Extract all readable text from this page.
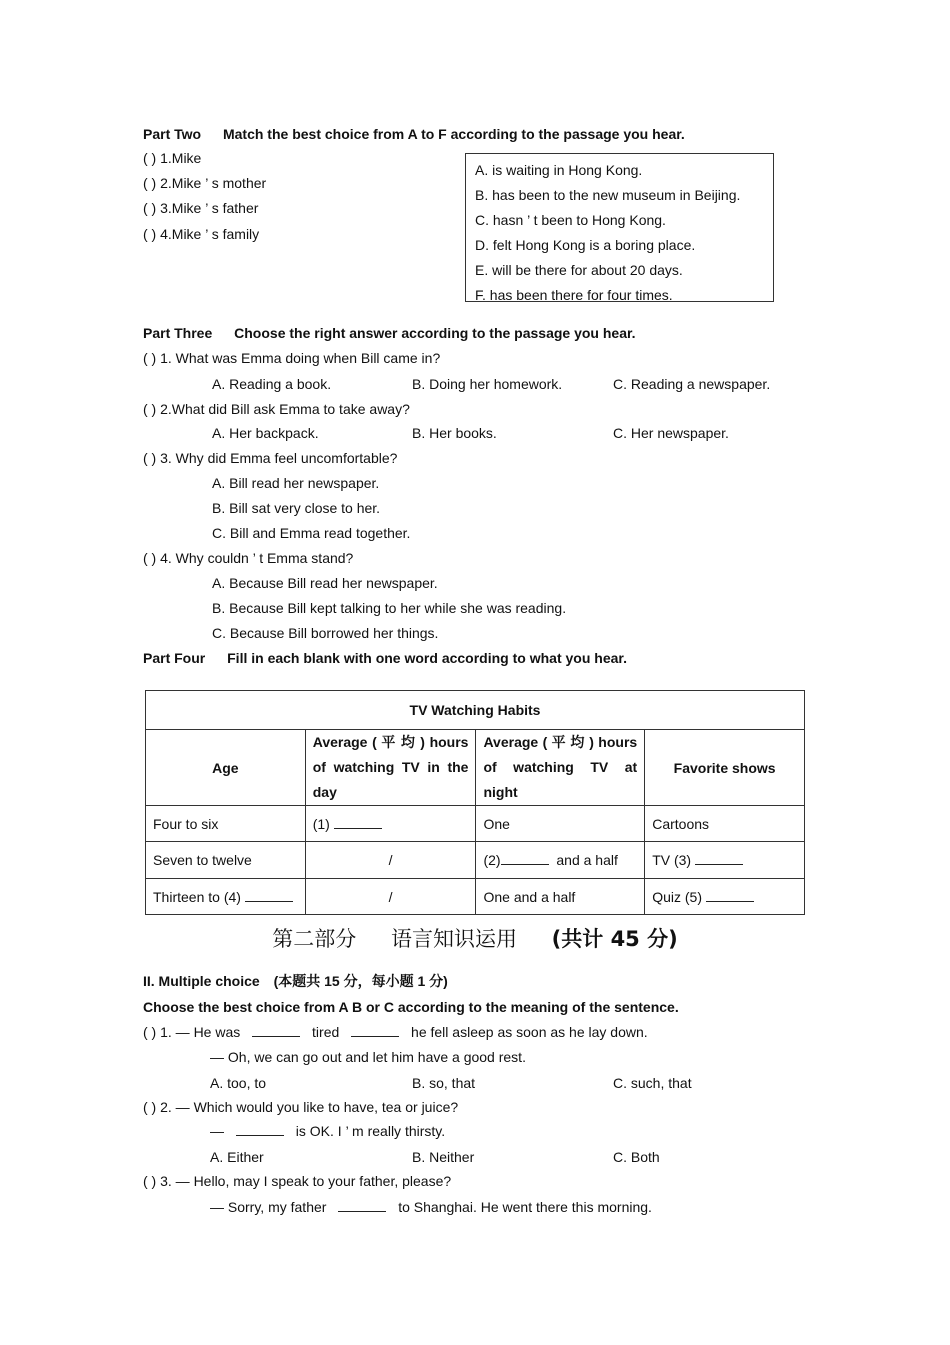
Part Two Match the best choice from A to F according to the passage you hear.
( ) 1.Mike
( ) 2.Mike ’ s mother
( ) 3.Mike ’ s father
( ) 4.Mike ’ s family
A. is waiting in Hong Kong.
B. has been to the new museum in Beijing.
C. hasn ’ t been to Hong Kong.
D. felt Hong Kong is a boring place.
E. will be there for about 20 days.
F. has been there for four times.
Part Three Choose the right answer according to the passage you hear.
( ) 1. What was Emma doing when Bill came in?
A. Reading a book.	B. Doing her homework.	C. Reading a newspaper.
( ) 2.What did Bill ask Emma to take away?
A. Her backpack.	B. Her books.	C. Her newspaper.
( ) 3. Why did Emma feel uncomfortable?
A. Bill read her newspaper.
B. Bill sat very close to her.
C. Bill and Emma read together.
( ) 4. Why couldn ’ t Emma stand?
A. Because Bill read her newspaper.
B. Because Bill kept talking to her while she was reading.
C. Because Bill borrowed her things.
Part Four Fill in each blank with one word according to what you hear.
TV Watching Habits			
Age	Average ( 平 均 ) hours of watching TV in the day	Average ( 平 均 ) hours of watching TV at night	Favorite shows
Four to six	(1)	One	Cartoons
Seven to twelve	/	(2) and a half	TV (3)
Thirteen to (4)	/	One and a half	Quiz (5)
第二部分 语言知识运用 (共计 45 分)
II. Multiple choice (本题共 15 分，每小题 1 分)
Choose the best choice from A B or C according to the meaning of the sentence.
( ) 1. — He was	tired	he fell asleep as soon as he lay down.
— Oh, we can go out and let him have a good rest.
A. too, to	B. so, that	C. such, that
( ) 2. — Which would you like to have, tea or juice?
—	is OK. I ’ m really thirsty.
A. Either	B. Neither	C. Both
( ) 3. — Hello, may I speak to your father, please?
— Sorry, my father	to Shanghai. He went there this morning.
